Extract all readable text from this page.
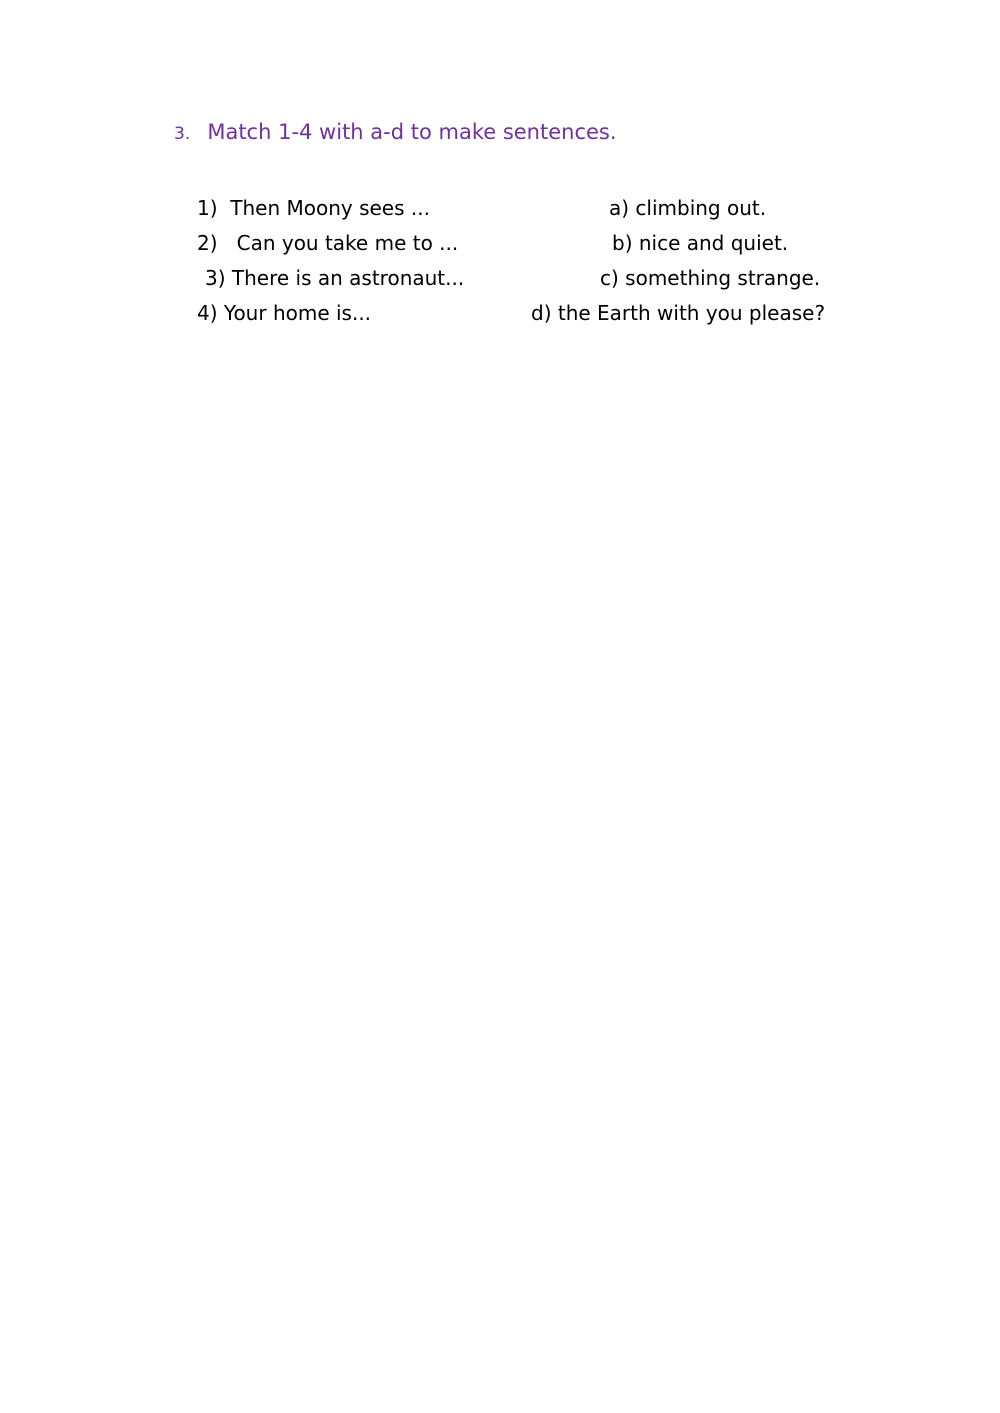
3. Match 1-4 with a-d to make sentences.
1)  Then Moony sees ...
2)   Can you take me to ...
3) There is an astronaut...
4) Your home is...
a) climbing out.
b) nice and quiet.
c) something strange.
d) the Earth with you please?
